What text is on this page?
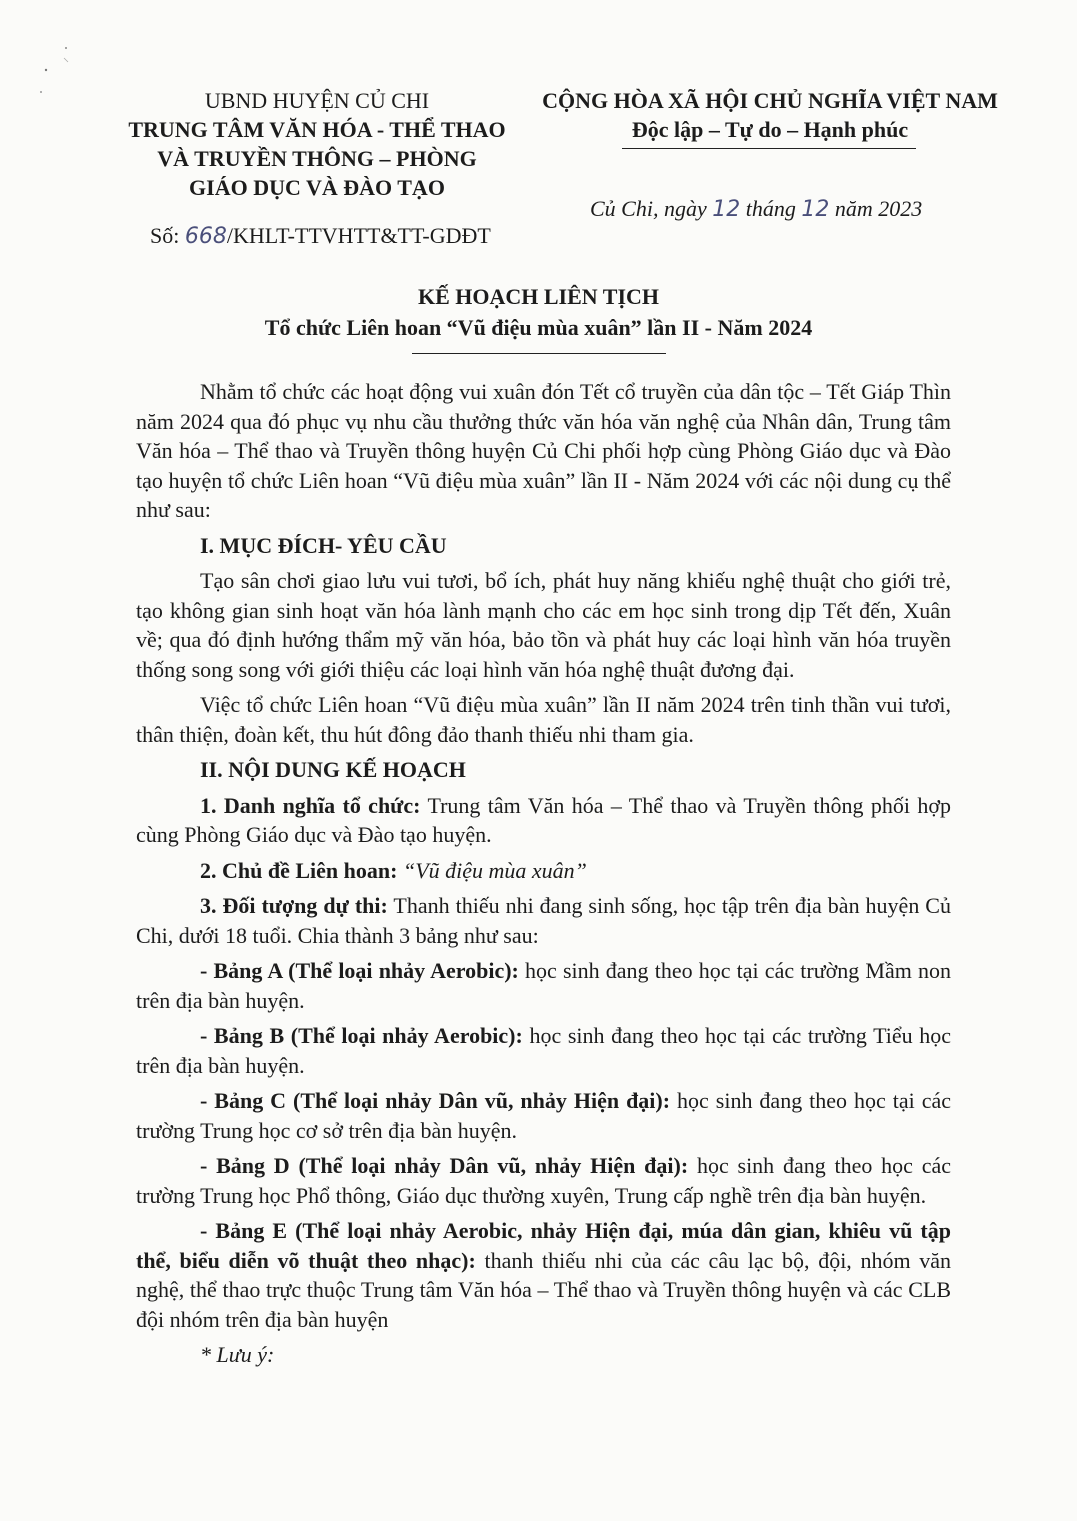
UBND HUYỆN CỦ CHI
TRUNG TÂM VĂN HÓA - THỂ THAO
VÀ TRUYỀN THÔNG – PHÒNG
GIÁO DỤC VÀ ĐÀO TẠO
Số: 668/KHLT-TTVHTT&TT-GDĐT
CỘNG HÒA XÃ HỘI CHỦ NGHĨA VIỆT NAM
Độc lập – Tự do – Hạnh phúc
Củ Chi, ngày 12 tháng 12 năm 2023
KẾ HOẠCH LIÊN TỊCH
Tổ chức Liên hoan “Vũ điệu mùa xuân” lần II - Năm 2024

Nhằm tổ chức các hoạt động vui xuân đón Tết cổ truyền của dân tộc – Tết Giáp Thìn năm 2024 qua đó phục vụ nhu cầu thưởng thức văn hóa văn nghệ của Nhân dân, Trung tâm Văn hóa – Thể thao và Truyền thông huyện Củ Chi phối hợp cùng Phòng Giáo dục và Đào tạo huyện tổ chức Liên hoan “Vũ điệu mùa xuân” lần II - Năm 2024 với các nội dung cụ thể như sau:

I. MỤC ĐÍCH- YÊU CẦU

Tạo sân chơi giao lưu vui tươi, bổ ích, phát huy năng khiếu nghệ thuật cho giới trẻ, tạo không gian sinh hoạt văn hóa lành mạnh cho các em học sinh trong dịp Tết đến, Xuân về; qua đó định hướng thẩm mỹ văn hóa, bảo tồn và phát huy các loại hình văn hóa truyền thống song song với giới thiệu các loại hình văn hóa nghệ thuật đương đại.

Việc tổ chức Liên hoan “Vũ điệu mùa xuân” lần II năm 2024 trên tinh thần vui tươi, thân thiện, đoàn kết, thu hút đông đảo thanh thiếu nhi tham gia.

II. NỘI DUNG KẾ HOẠCH

1. Danh nghĩa tổ chức: Trung tâm Văn hóa – Thể thao và Truyền thông phối hợp cùng Phòng Giáo dục và Đào tạo huyện.

2. Chủ đề Liên hoan: “Vũ điệu mùa xuân”

3. Đối tượng dự thi: Thanh thiếu nhi đang sinh sống, học tập trên địa bàn huyện Củ Chi, dưới 18 tuổi. Chia thành 3 bảng như sau:

- Bảng A (Thể loại nhảy Aerobic): học sinh đang theo học tại các trường Mầm non trên địa bàn huyện.

- Bảng B (Thể loại nhảy Aerobic): học sinh đang theo học tại các trường Tiểu học trên địa bàn huyện.

- Bảng C (Thể loại nhảy Dân vũ, nhảy Hiện đại): học sinh đang theo học tại các trường Trung học cơ sở trên địa bàn huyện.

- Bảng D (Thể loại nhảy Dân vũ, nhảy Hiện đại): học sinh đang theo học các trường Trung học Phổ thông, Giáo dục thường xuyên, Trung cấp nghề trên địa bàn huyện.

- Bảng E (Thể loại nhảy Aerobic, nhảy Hiện đại, múa dân gian, khiêu vũ tập thể, biểu diễn võ thuật theo nhạc): thanh thiếu nhi của các câu lạc bộ, đội, nhóm văn nghệ, thể thao trực thuộc Trung tâm Văn hóa – Thể thao và Truyền thông huyện và các CLB đội nhóm trên địa bàn huyện

* Lưu ý:
